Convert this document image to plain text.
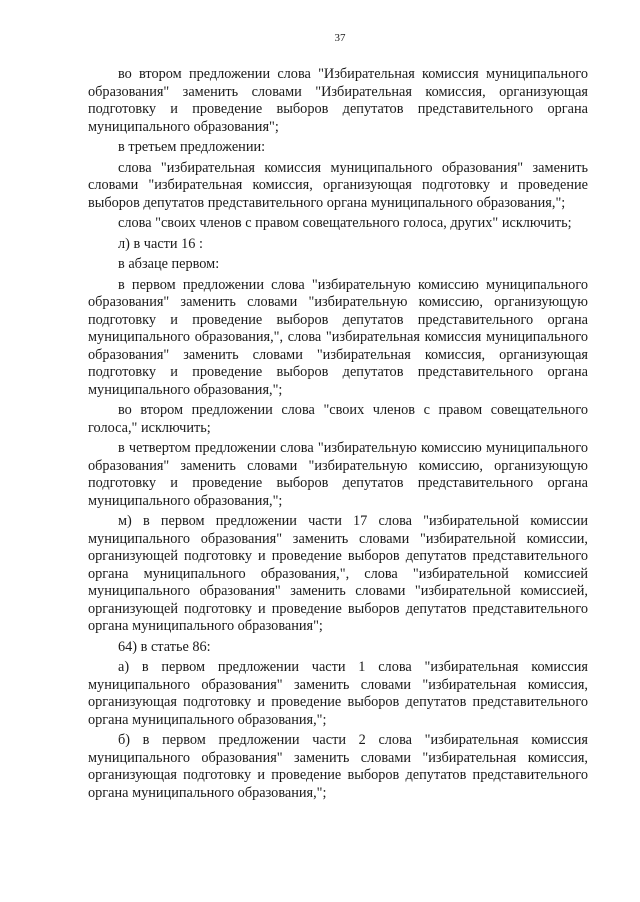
37

во втором предложении слова "Избирательная комиссия муниципального образования" заменить словами "Избирательная комиссия, организующая подготовку и проведение выборов депутатов представительного органа муниципального образования";

в третьем предложении:

слова "избирательная комиссия муниципального образования" заменить словами "избирательная комиссия, организующая подготовку и проведение выборов депутатов представительного органа муниципального образования,";

слова "своих членов с правом совещательного голоса, других" исключить;

л) в части 16 :

в абзаце первом:

в первом предложении слова "избирательную комиссию муниципального образования" заменить словами "избирательную комиссию, организующую подготовку и проведение выборов депутатов представительного органа муниципального образования,", слова "избирательная комиссия муниципального образования" заменить словами "избирательная комиссия, организующая подготовку и проведение выборов депутатов представительного органа муниципального образования,";

во втором предложении слова "своих членов с правом совещательного голоса," исключить;

в четвертом предложении слова "избирательную комиссию муниципального образования" заменить словами "избирательную комиссию, организующую подготовку и проведение выборов депутатов представительного органа муниципального образования,";

м) в первом предложении части 17 слова "избирательной комиссии муниципального образования" заменить словами "избирательной комиссии, организующей подготовку и проведение выборов депутатов представительного органа муниципального образования,", слова "избирательной комиссией муниципального образования" заменить словами "избирательной комиссией, организующей подготовку и проведение выборов депутатов представительного органа муниципального образования";

64) в статье 86:

а) в первом предложении части 1 слова "избирательная комиссия муниципального образования" заменить словами "избирательная комиссия, организующая подготовку и проведение выборов депутатов представительного органа муниципального образования,";

б) в первом предложении части 2 слова "избирательная комиссия муниципального образования" заменить словами "избирательная комиссия, организующая подготовку и проведение выборов депутатов представительного органа муниципального образования,";
